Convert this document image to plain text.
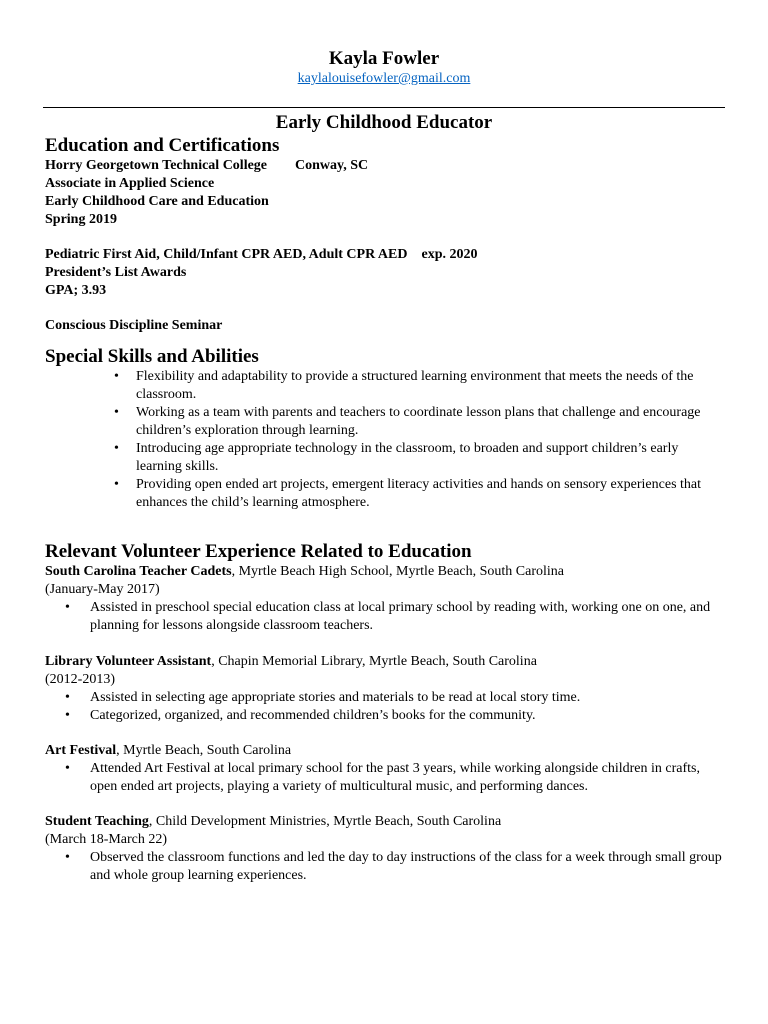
Kayla Fowler
kaylalouisefowler@gmail.com
Early Childhood Educator
Education and Certifications

Horry Georgetown Technical College Conway, SC

Associate in Applied Science

Early Childhood Care and Education

Spring 2019

Pediatric First Aid, Child/Infant CPR AED, Adult CPR AED exp. 2020

President’s List Awards

GPA; 3.93

Conscious Discipline Seminar

Special Skills and Abilities
• Flexibility and adaptability to provide a structured learning environment that meets the needs of the classroom.
• Working as a team with parents and teachers to coordinate lesson plans that challenge and encourage children’s exploration through learning.
• Introducing age appropriate technology in the classroom, to broaden and support children’s early learning skills.
• Providing open ended art projects, emergent literacy activities and hands on sensory experiences that enhances the child’s learning atmosphere.
Relevant Volunteer Experience Related to Education

South Carolina Teacher Cadets, Myrtle Beach High School, Myrtle Beach, South Carolina

(January-May 2017)

• Assisted in preschool special education class at local primary school by reading with, working one on one, and planning for lessons alongside classroom teachers.

Library Volunteer Assistant, Chapin Memorial Library, Myrtle Beach, South Carolina

(2012-2013)

• Assisted in selecting age appropriate stories and materials to be read at local story time.
• Categorized, organized, and recommended children’s books for the community.

Art Festival, Myrtle Beach, South Carolina

• Attended Art Festival at local primary school for the past 3 years, while working alongside children in crafts, open ended art projects, playing a variety of multicultural music, and performing dances.

Student Teaching, Child Development Ministries, Myrtle Beach, South Carolina

(March 18-March 22)

• Observed the classroom functions and led the day to day instructions of the class for a week through small group and whole group learning experiences.
